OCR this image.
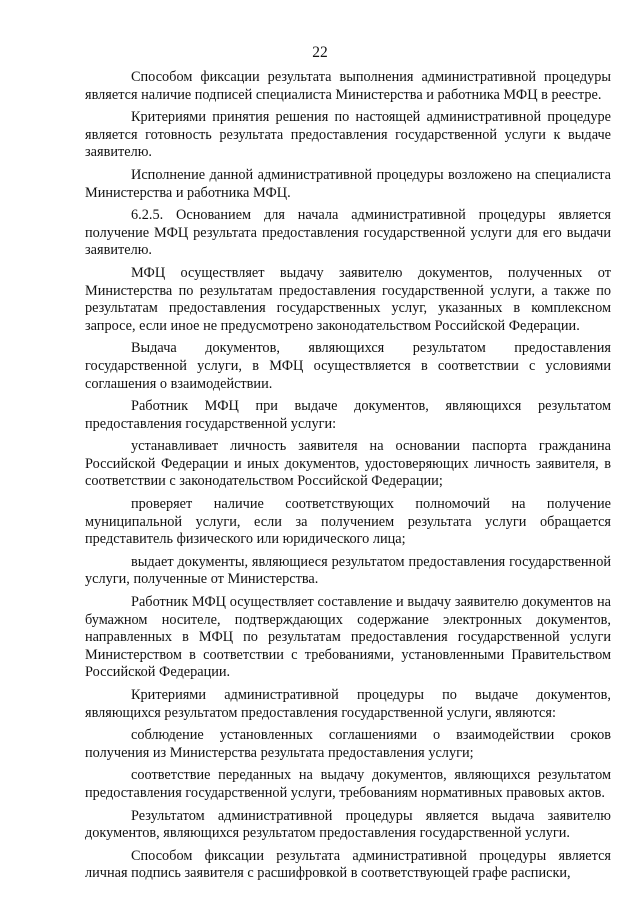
22

Способом фиксации результата выполнения административной процедуры является наличие подписей специалиста Министерства и работника МФЦ в реестре.

Критериями принятия решения по настоящей административной процедуре является готовность результата предоставления государственной услуги к выдаче заявителю.

Исполнение данной административной процедуры возложено на специалиста Министерства и работника МФЦ.

6.2.5. Основанием для начала административной процедуры является получение МФЦ результата предоставления государственной услуги для его выдачи заявителю.

МФЦ осуществляет выдачу заявителю документов, полученных от Министерства по результатам предоставления государственной услуги, а также по результатам предоставления государственных услуг, указанных в комплексном запросе, если иное не предусмотрено законодательством Российской Федерации.

Выдача документов, являющихся результатом предоставления государственной услуги, в МФЦ осуществляется в соответствии с условиями соглашения о взаимодействии.

Работник МФЦ при выдаче документов, являющихся результатом предоставления государственной услуги:

устанавливает личность заявителя на основании паспорта гражданина Российской Федерации и иных документов, удостоверяющих личность заявителя, в соответствии с законодательством Российской Федерации;

проверяет наличие соответствующих полномочий на получение муниципальной услуги, если за получением результата услуги обращается представитель физического или юридического лица;

выдает документы, являющиеся результатом предоставления государственной услуги, полученные от Министерства.

Работник МФЦ осуществляет составление и выдачу заявителю документов на бумажном носителе, подтверждающих содержание электронных документов, направленных в МФЦ по результатам предоставления государственной услуги Министерством в соответствии с требованиями, установленными Правительством Российской Федерации.

Критериями административной процедуры по выдаче документов, являющихся результатом предоставления государственной услуги, являются:

соблюдение установленных соглашениями о взаимодействии сроков получения из Министерства результата предоставления услуги;

соответствие переданных на выдачу документов, являющихся результатом предоставления государственной услуги, требованиям нормативных правовых актов.

Результатом административной процедуры является выдача заявителю документов, являющихся результатом предоставления государственной услуги.

Способом фиксации результата административной процедуры является личная подпись заявителя с расшифровкой в соответствующей графе расписки,
